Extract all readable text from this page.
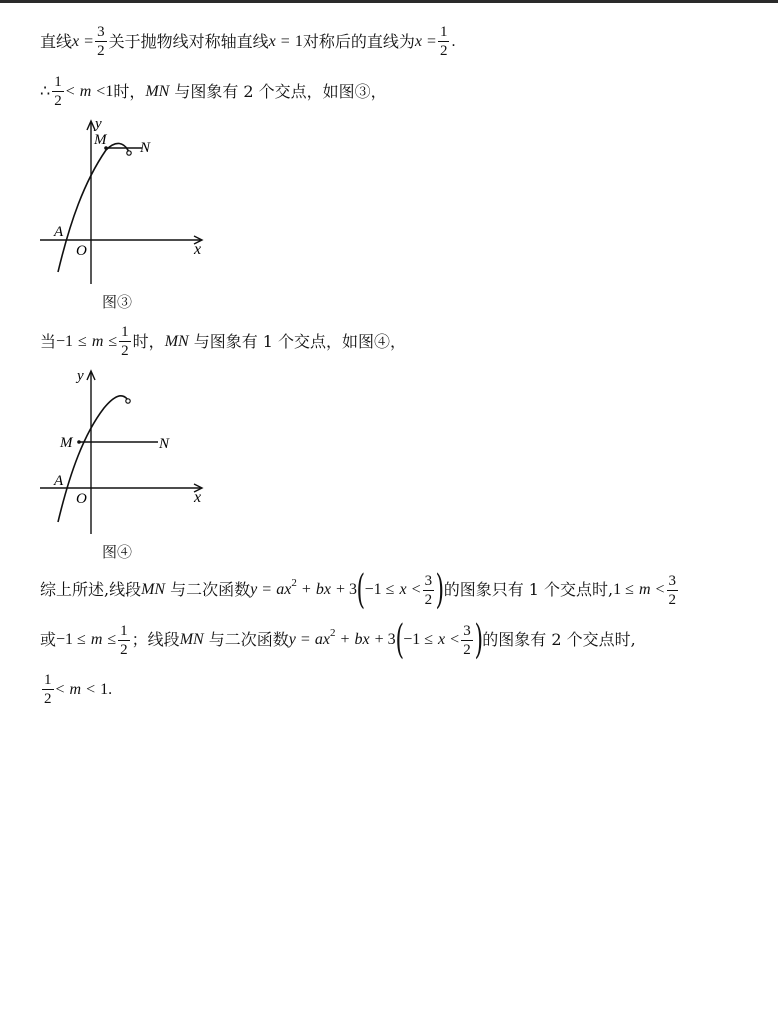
直线 $x = \frac{3}{2}$ 关于抛物线对称轴直线 x = 1 对称后的直线为 $x = \frac{1}{2}$ .
∴ $\frac{1}{2} < m < 1$ 时， MN 与图象有 2 个交点，如图③，
y
x
O
A
M N
图③
当 $-1 \le m \le \frac{1}{2}$ 时， MN 与图象有 1 个交点，如图④，
y
x
O
A
M	N
图④
综上所述,线段 MN 与二次函数 y = ax 2 + bx + 3 ( $-1 \le x < \frac{3}{2}$ ) 的图象只有 1 个交点时, $1 \le m < \frac{3}{2}$
或 $-1 \le m \le \frac{1}{2}$ ；线段 MN 与二次函数 y = ax 2 + bx + 3 ( $-1 \le x < \frac{3}{2}$ ) 的图象有 2 个交点时,
$\frac{1}{2} < m < 1$ .
